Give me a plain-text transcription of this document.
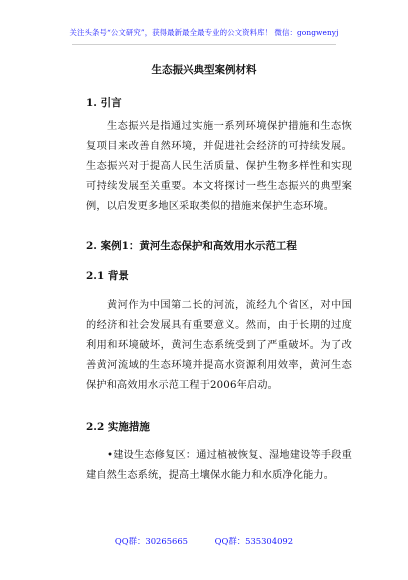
关注头条号“公文研究”，获得最新最全最专业的公文资料库！ 微信：gongwenyj
生态振兴典型案例材料
1. 引言

生态振兴是指通过实施一系列环境保护措施和生态恢复项目来改善自然环境，并促进社会经济的可持续发展。生态振兴对于提高人民生活质量、保护生物多样性和实现可持续发展至关重要。本文将探讨一些生态振兴的典型案例，以启发更多地区采取类似的措施来保护生态环境。

2. 案例1：黄河生态保护和高效用水示范工程
2.1 背景

黄河作为中国第二长的河流，流经九个省区，对中国的经济和社会发展具有重要意义。然而，由于长期的过度利用和环境破坏，黄河生态系统受到了严重破坏。为了改善黄河流域的生态环境并提高水资源利用效率，黄河生态保护和高效用水示范工程于2006年启动。

2.2 实施措施

•建设生态修复区：通过植被恢复、湿地建设等手段重建自然生态系统，提高土壤保水能力和水质净化能力。

QQ群：30265665          QQ群：535304092
